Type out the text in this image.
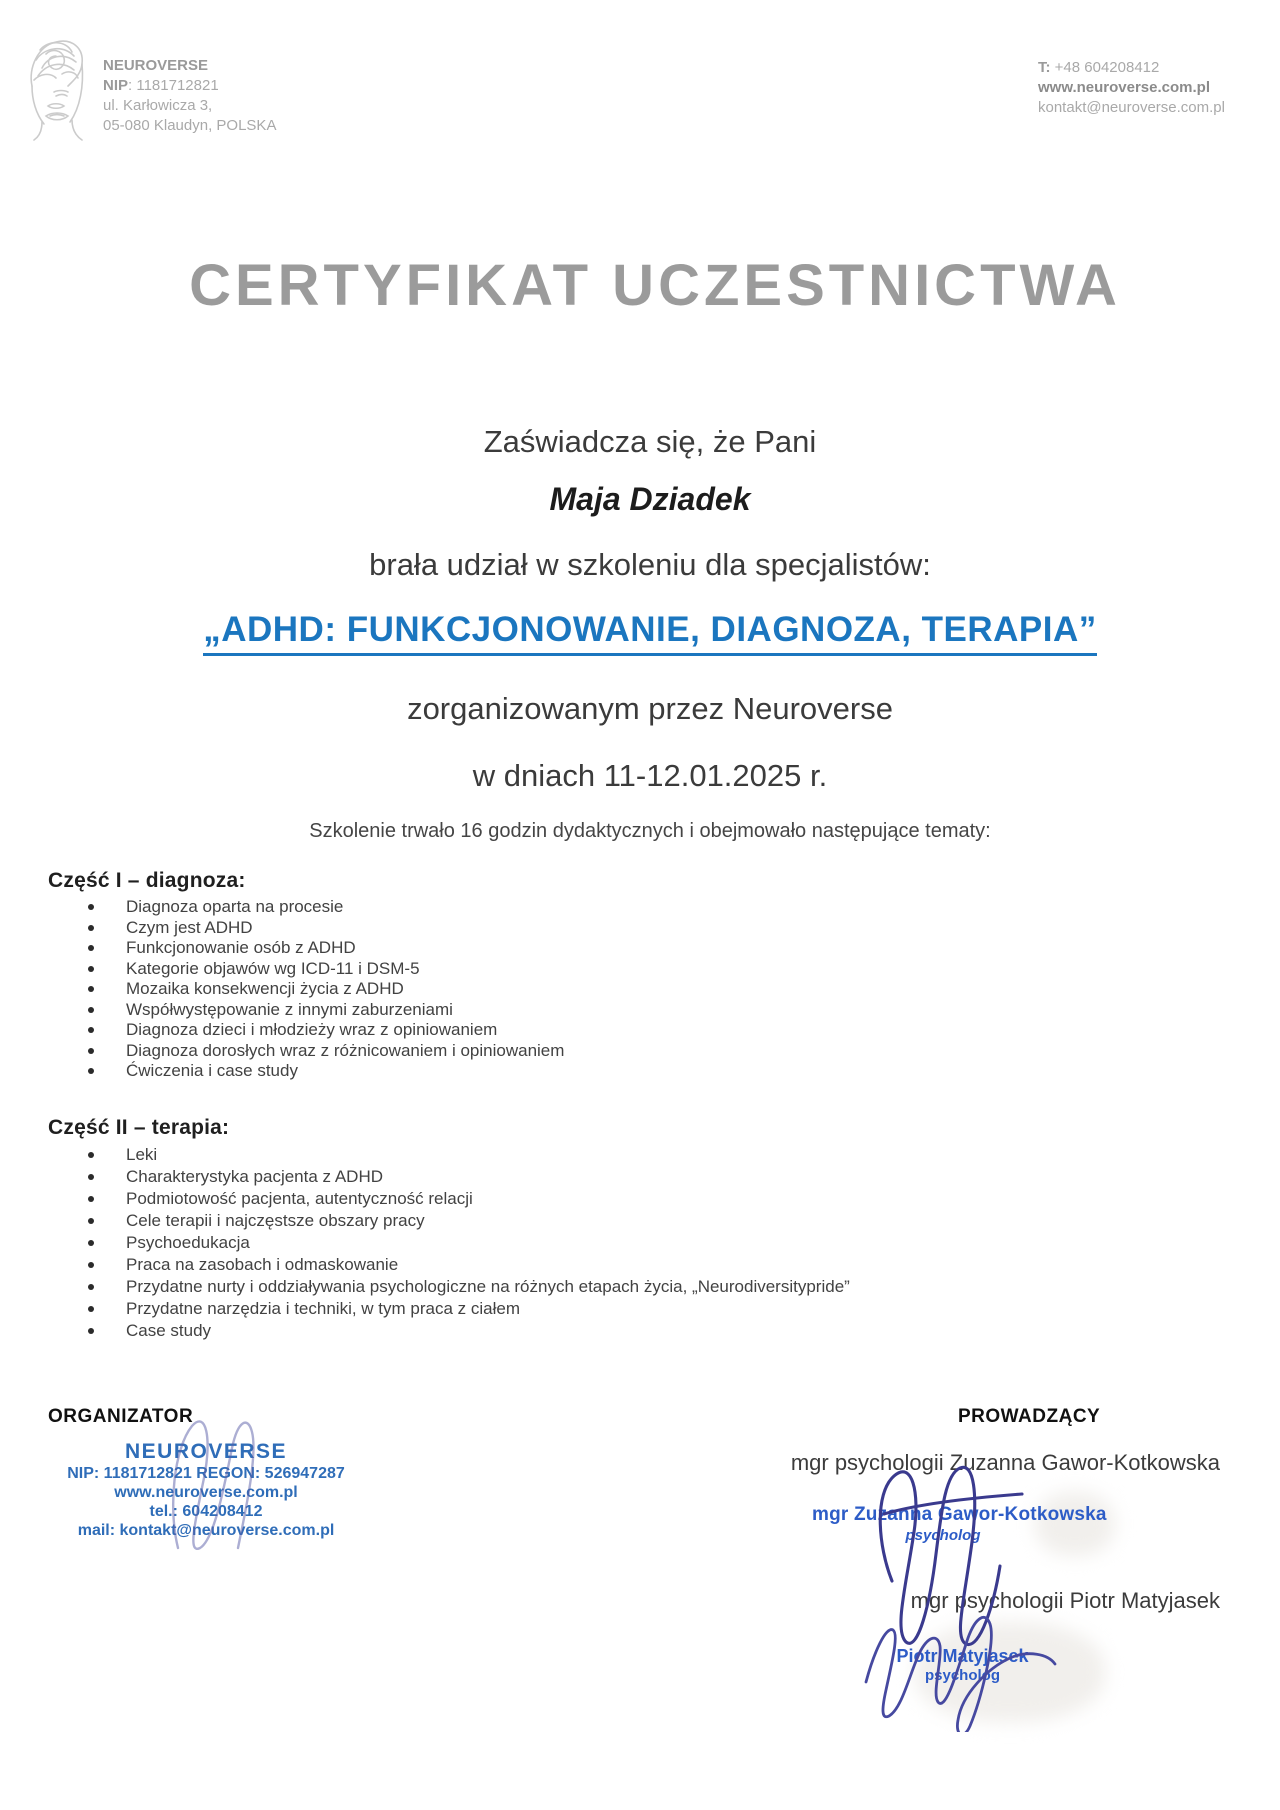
NEUROVERSE
NIP: 1181712821
ul. Karłowicza 3,
05-080 Klaudyn, POLSKA
T: +48 604208412
www.neuroverse.com.pl
kontakt@neuroverse.com.pl
CERTYFIKAT UCZESTNICTWA
Zaświadcza się, że Pani
Maja Dziadek
brała udział w szkoleniu dla specjalistów:
„ADHD: FUNKCJONOWANIE, DIAGNOZA, TERAPIA”
zorganizowanym przez Neuroverse
w dniach 11-12.01.2025 r.
Szkolenie trwało 16 godzin dydaktycznych i obejmowało następujące tematy:
Część I – diagnoza:
Diagnoza oparta na procesie
Czym jest ADHD
Funkcjonowanie osób z ADHD
Kategorie objawów wg ICD-11 i DSM-5
Mozaika konsekwencji życia z ADHD
Współwystępowanie z innymi zaburzeniami
Diagnoza dzieci i młodzieży wraz z opiniowaniem
Diagnoza dorosłych wraz z różnicowaniem i opiniowaniem
Ćwiczenia i case study
Część II – terapia:
Leki
Charakterystyka pacjenta z ADHD
Podmiotowość pacjenta, autentyczność relacji
Cele terapii i najczęstsze obszary pracy
Psychoedukacja
Praca na zasobach i odmaskowanie
Przydatne nurty i oddziaływania psychologiczne na różnych etapach życia, „Neurodiversitypride”
Przydatne narzędzia i techniki, w tym praca z ciałem
Case study
ORGANIZATOR
NEUROVERSE
NIP: 1181712821 REGON: 526947287
www.neuroverse.com.pl
tel.: 604208412
mail: kontakt@neuroverse.com.pl
PROWADZĄCY
mgr psychologii Zuzanna Gawor-Kotkowska
mgr Zuzanna Gawor-Kotkowska
psycholog
mgr psychologii Piotr Matyjasek
Piotr Matyjasek
psycholog
